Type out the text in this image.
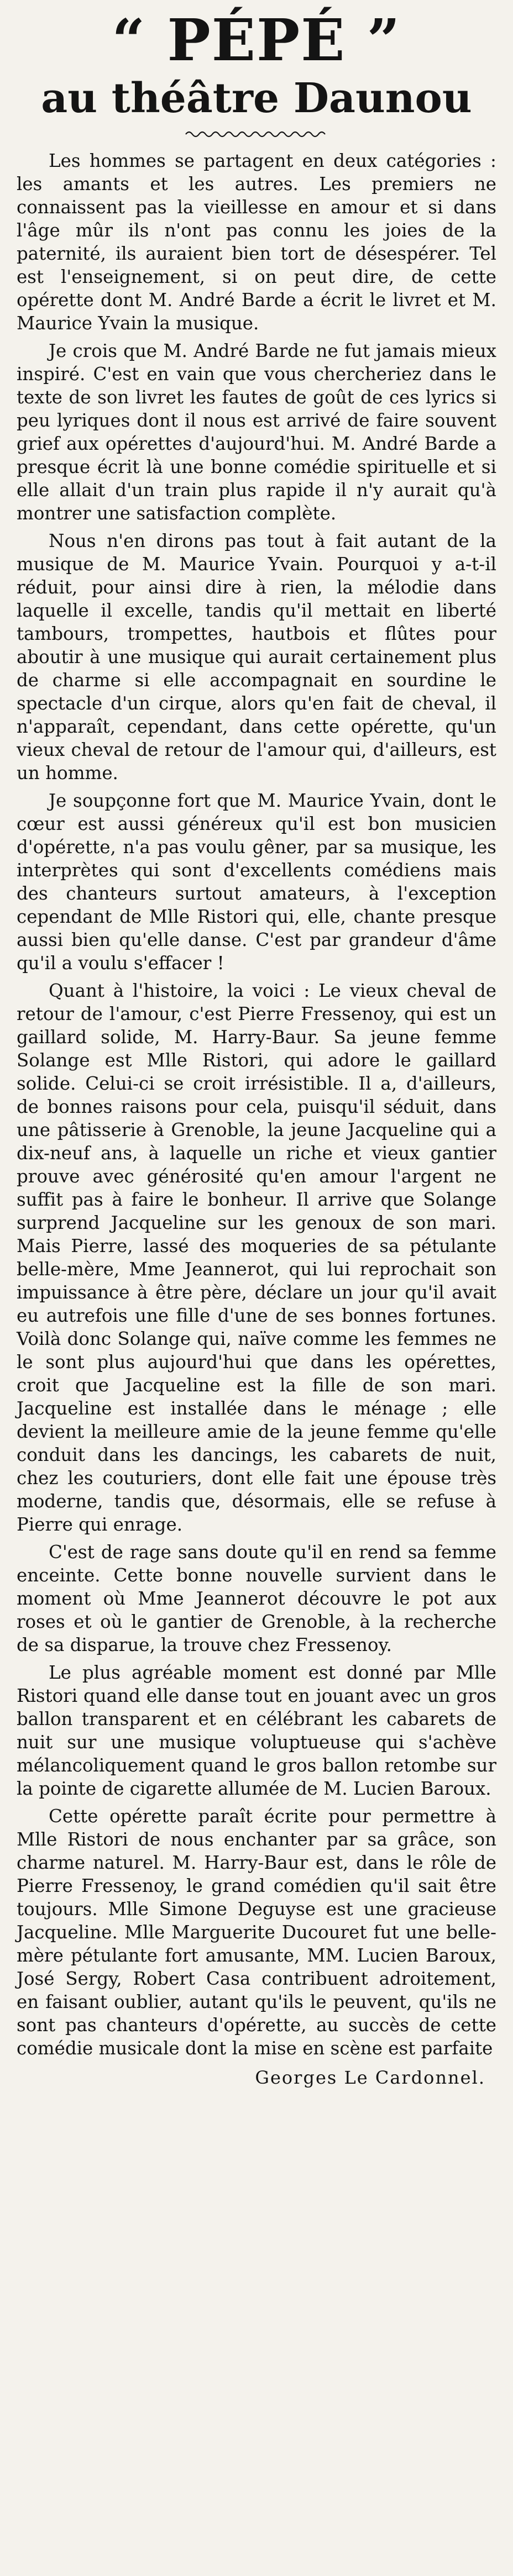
“ PÉPÉ ”
au théâtre Daunou

Les hommes se partagent en deux catégories : les amants et les autres. Les premiers ne connaissent pas la vieillesse en amour et si dans l'âge mûr ils n'ont pas connu les joies de la paternité, ils auraient bien tort de désespérer. Tel est l'enseignement, si on peut dire, de cette opérette dont M. André Barde a écrit le livret et M. Maurice Yvain la musique.

Je crois que M. André Barde ne fut jamais mieux inspiré. C'est en vain que vous chercheriez dans le texte de son livret les fautes de goût de ces lyrics si peu lyriques dont il nous est arrivé de faire souvent grief aux opérettes d'aujourd'hui. M. André Barde a presque écrit là une bonne comédie spirituelle et si elle allait d'un train plus rapide il n'y aurait qu'à montrer une satisfaction complète.

Nous n'en dirons pas tout à fait autant de la musique de M. Maurice Yvain. Pourquoi y a-t-il réduit, pour ainsi dire à rien, la mélodie dans laquelle il excelle, tandis qu'il mettait en liberté tambours, trompettes, hautbois et flûtes pour aboutir à une musique qui aurait certainement plus de charme si elle accompagnait en sourdine le spectacle d'un cirque, alors qu'en fait de cheval, il n'apparaît, cependant, dans cette opérette, qu'un vieux cheval de retour de l'amour qui, d'ailleurs, est un homme.

Je soupçonne fort que M. Maurice Yvain, dont le cœur est aussi généreux qu'il est bon musicien d'opérette, n'a pas voulu gêner, par sa musique, les interprètes qui sont d'excellents comédiens mais des chanteurs surtout amateurs, à l'exception cependant de Mlle Ristori qui, elle, chante presque aussi bien qu'elle danse. C'est par grandeur d'âme qu'il a voulu s'effacer !

Quant à l'histoire, la voici : Le vieux cheval de retour de l'amour, c'est Pierre Fressenoy, qui est un gaillard solide, M. Harry-Baur. Sa jeune femme Solange est Mlle Ristori, qui adore le gaillard solide. Celui-ci se croit irrésistible. Il a, d'ailleurs, de bonnes raisons pour cela, puisqu'il séduit, dans une pâtisserie à Grenoble, la jeune Jacqueline qui a dix-neuf ans, à laquelle un riche et vieux gantier prouve avec générosité qu'en amour l'argent ne suffit pas à faire le bonheur. Il arrive que Solange surprend Jacqueline sur les genoux de son mari. Mais Pierre, lassé des moqueries de sa pétulante belle-mère, Mme Jeannerot, qui lui reprochait son impuissance à être père, déclare un jour qu'il avait eu autrefois une fille d'une de ses bonnes fortunes. Voilà donc Solange qui, naïve comme les femmes ne le sont plus aujourd'hui que dans les opérettes, croit que Jacqueline est la fille de son mari. Jacqueline est installée dans le ménage ; elle devient la meilleure amie de la jeune femme qu'elle conduit dans les dancings, les cabarets de nuit, chez les couturiers, dont elle fait une épouse très moderne, tandis que, désormais, elle se refuse à Pierre qui enrage.

C'est de rage sans doute qu'il en rend sa femme enceinte. Cette bonne nouvelle survient dans le moment où Mme Jeannerot découvre le pot aux roses et où le gantier de Grenoble, à la recherche de sa disparue, la trouve chez Fressenoy.

Le plus agréable moment est donné par Mlle Ristori quand elle danse tout en jouant avec un gros ballon transparent et en célébrant les cabarets de nuit sur une musique voluptueuse qui s'achève mélancoliquement quand le gros ballon retombe sur la pointe de cigarette allumée de M. Lucien Baroux.

Cette opérette paraît écrite pour permettre à Mlle Ristori de nous enchanter par sa grâce, son charme naturel. M. Harry-Baur est, dans le rôle de Pierre Fressenoy, le grand comédien qu'il sait être toujours. Mlle Simone Deguyse est une gracieuse Jacqueline. Mlle Marguerite Ducouret fut une belle-mère pétulante fort amusante, MM. Lucien Baroux, José Sergy, Robert Casa contribuent adroitement, en faisant oublier, autant qu'ils le peuvent, qu'ils ne sont pas chanteurs d'opérette, au succès de cette comédie musicale dont la mise en scène est parfaite

Georges Le Cardonnel.
